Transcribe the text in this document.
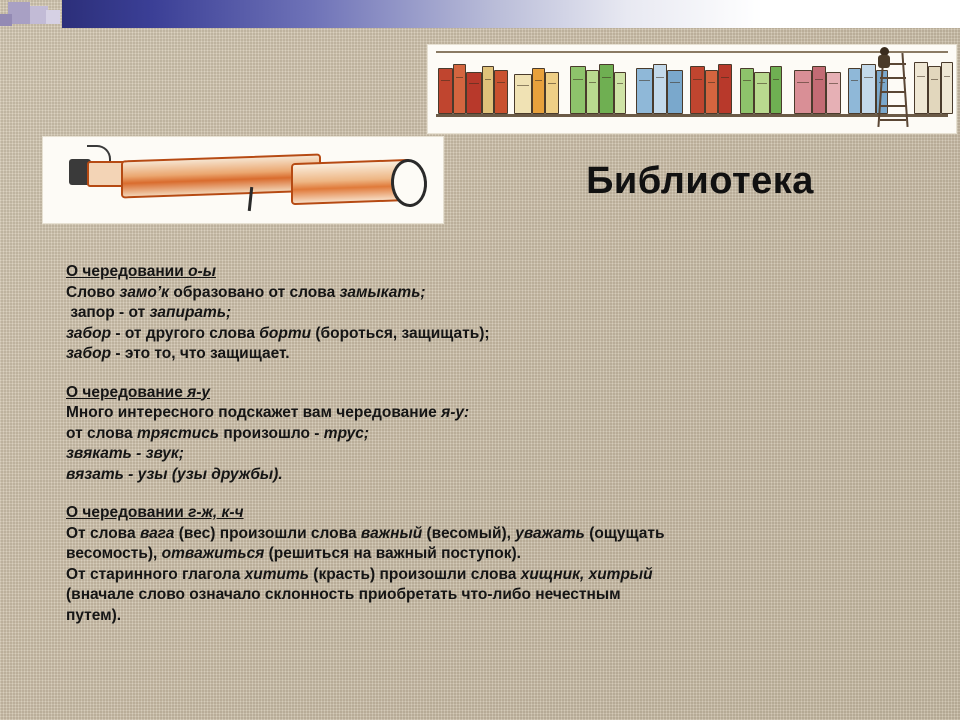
Библиотека
О чередовании о-ы
Слово замо’к образовано от слова замыкать;
запор - от запирать;
забор - от другого слова борти (бороться, защищать);
забор - это то, что защищает.
О чередование я-у
Много интересного подскажет вам чередование я-у:
от слова трястись произошло - трус;
звякать - звук;
вязать - узы (узы дружбы).
О чередовании г-ж, к-ч
От слова вага (вес) произошли слова важный (весомый), уважать (ощущать
весомость), отважиться (решиться на важный поступок).
От старинного глагола хитить (красть) произошли слова хищник, хитрый
(вначале слово означало склонность приобретать что-либо нечестным
путем).
